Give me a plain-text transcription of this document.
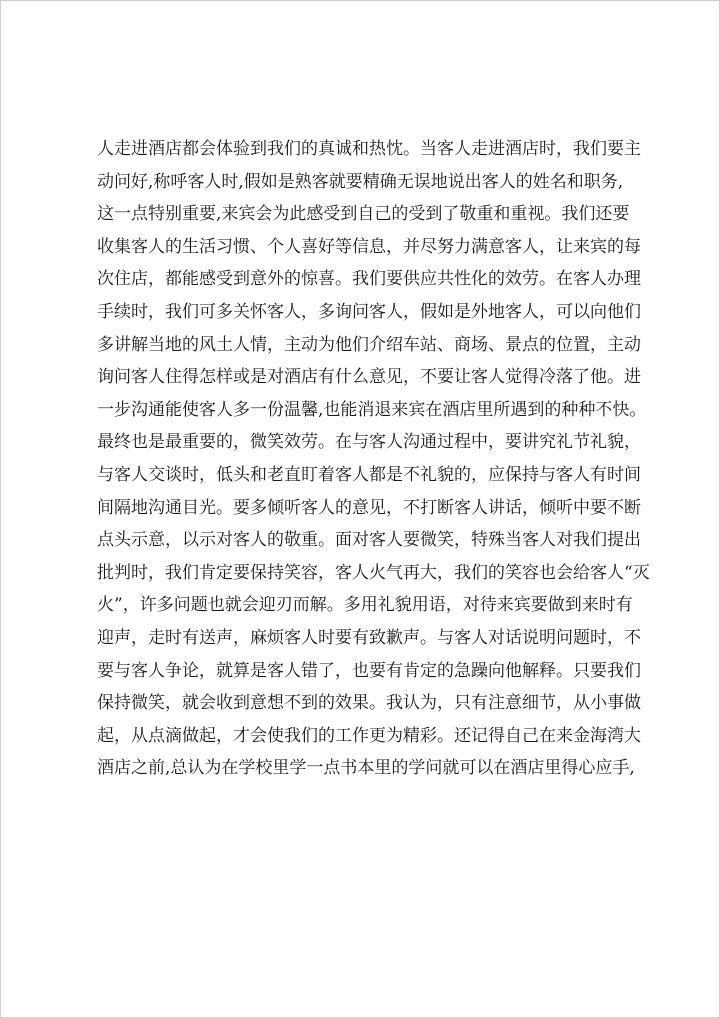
人走进酒店都会体验到我们的真诚和热忱。当客人走进酒店时，我们要主
动问好,称呼客人时,假如是熟客就要精确无误地说出客人的姓名和职务,
这一点特别重要,来宾会为此感受到自己的受到了敬重和重视。我们还要
收集客人的生活习惯、个人喜好等信息，并尽努力满意客人，让来宾的每
次住店，都能感受到意外的惊喜。我们要供应共性化的效劳。在客人办理
手续时，我们可多关怀客人，多询问客人，假如是外地客人，可以向他们
多讲解当地的风土人情，主动为他们介绍车站、商场、景点的位置，主动
询问客人住得怎样或是对酒店有什么意见，不要让客人觉得冷落了他。进
一步沟通能使客人多一份温馨,也能消退来宾在酒店里所遇到的种种不快。
最终也是最重要的，微笑效劳。在与客人沟通过程中，要讲究礼节礼貌，
与客人交谈时，低头和老直盯着客人都是不礼貌的，应保持与客人有时间
间隔地沟通目光。要多倾听客人的意见，不打断客人讲话，倾听中要不断
点头示意，以示对客人的敬重。面对客人要微笑，特殊当客人对我们提出
批判时，我们肯定要保持笑容，客人火气再大，我们的笑容也会给客人“灭
火”，许多问题也就会迎刃而解。多用礼貌用语，对待来宾要做到来时有
迎声，走时有送声，麻烦客人时要有致歉声。与客人对话说明问题时，不
要与客人争论，就算是客人错了，也要有肯定的急躁向他解释。只要我们
保持微笑，就会收到意想不到的效果。我认为，只有注意细节，从小事做
起，从点滴做起，才会使我们的工作更为精彩。还记得自己在来金海湾大
酒店之前,总认为在学校里学一点书本里的学问就可以在酒店里得心应手,
